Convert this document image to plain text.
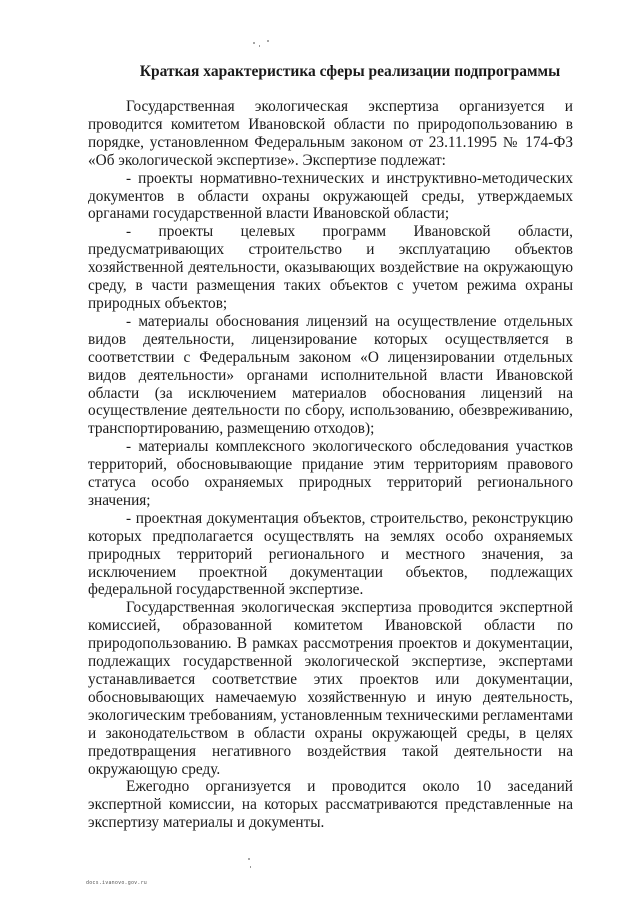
Краткая характеристика сферы реализации подпрограммы

Государственная экологическая экспертиза организуется и проводится комитетом Ивановской области по природопользованию в порядке, установленном Федеральным законом от 23.11.1995 № 174-ФЗ «Об экологической экспертизе». Экспертизе подлежат:

- проекты нормативно-технических и инструктивно-методических документов в области охраны окружающей среды, утверждаемых органами государственной власти Ивановской области;

- проекты целевых программ Ивановской области, предусматривающих строительство и эксплуатацию объектов хозяйственной деятельности, оказывающих воздействие на окружающую среду, в части размещения таких объектов с учетом режима охраны природных объектов;

- материалы обоснования лицензий на осуществление отдельных видов деятельности, лицензирование которых осуществляется в соответствии с Федеральным законом «О лицензировании отдельных видов деятельности» органами исполнительной власти Ивановской области (за исключением материалов обоснования лицензий на осуществление деятельности по сбору, использованию, обезвреживанию, транспортированию, размещению отходов);

- материалы комплексного экологического обследования участков территорий, обосновывающие придание этим территориям правового статуса особо охраняемых природных территорий регионального значения;

- проектная документация объектов, строительство, реконструкцию которых предполагается осуществлять на землях особо охраняемых природных территорий регионального и местного значения, за исключением проектной документации объектов, подлежащих федеральной государственной экспертизе.

Государственная экологическая экспертиза проводится экспертной комиссией, образованной комитетом Ивановской области по природопользованию. В рамках рассмотрения проектов и документации, подлежащих государственной экологической экспертизе, экспертами устанавливается соответствие этих проектов или документации, обосновывающих намечаемую хозяйственную и иную деятельность, экологическим требованиям, установленным техническими регламентами и законодательством в области охраны окружающей среды, в целях предотвращения негативного воздействия такой деятельности на окружающую среду.

Ежегодно организуется и проводится около 10 заседаний экспертной комиссии, на которых рассматриваются представленные на экспертизу материалы и документы.

docs.ivanovo.gov.ru
